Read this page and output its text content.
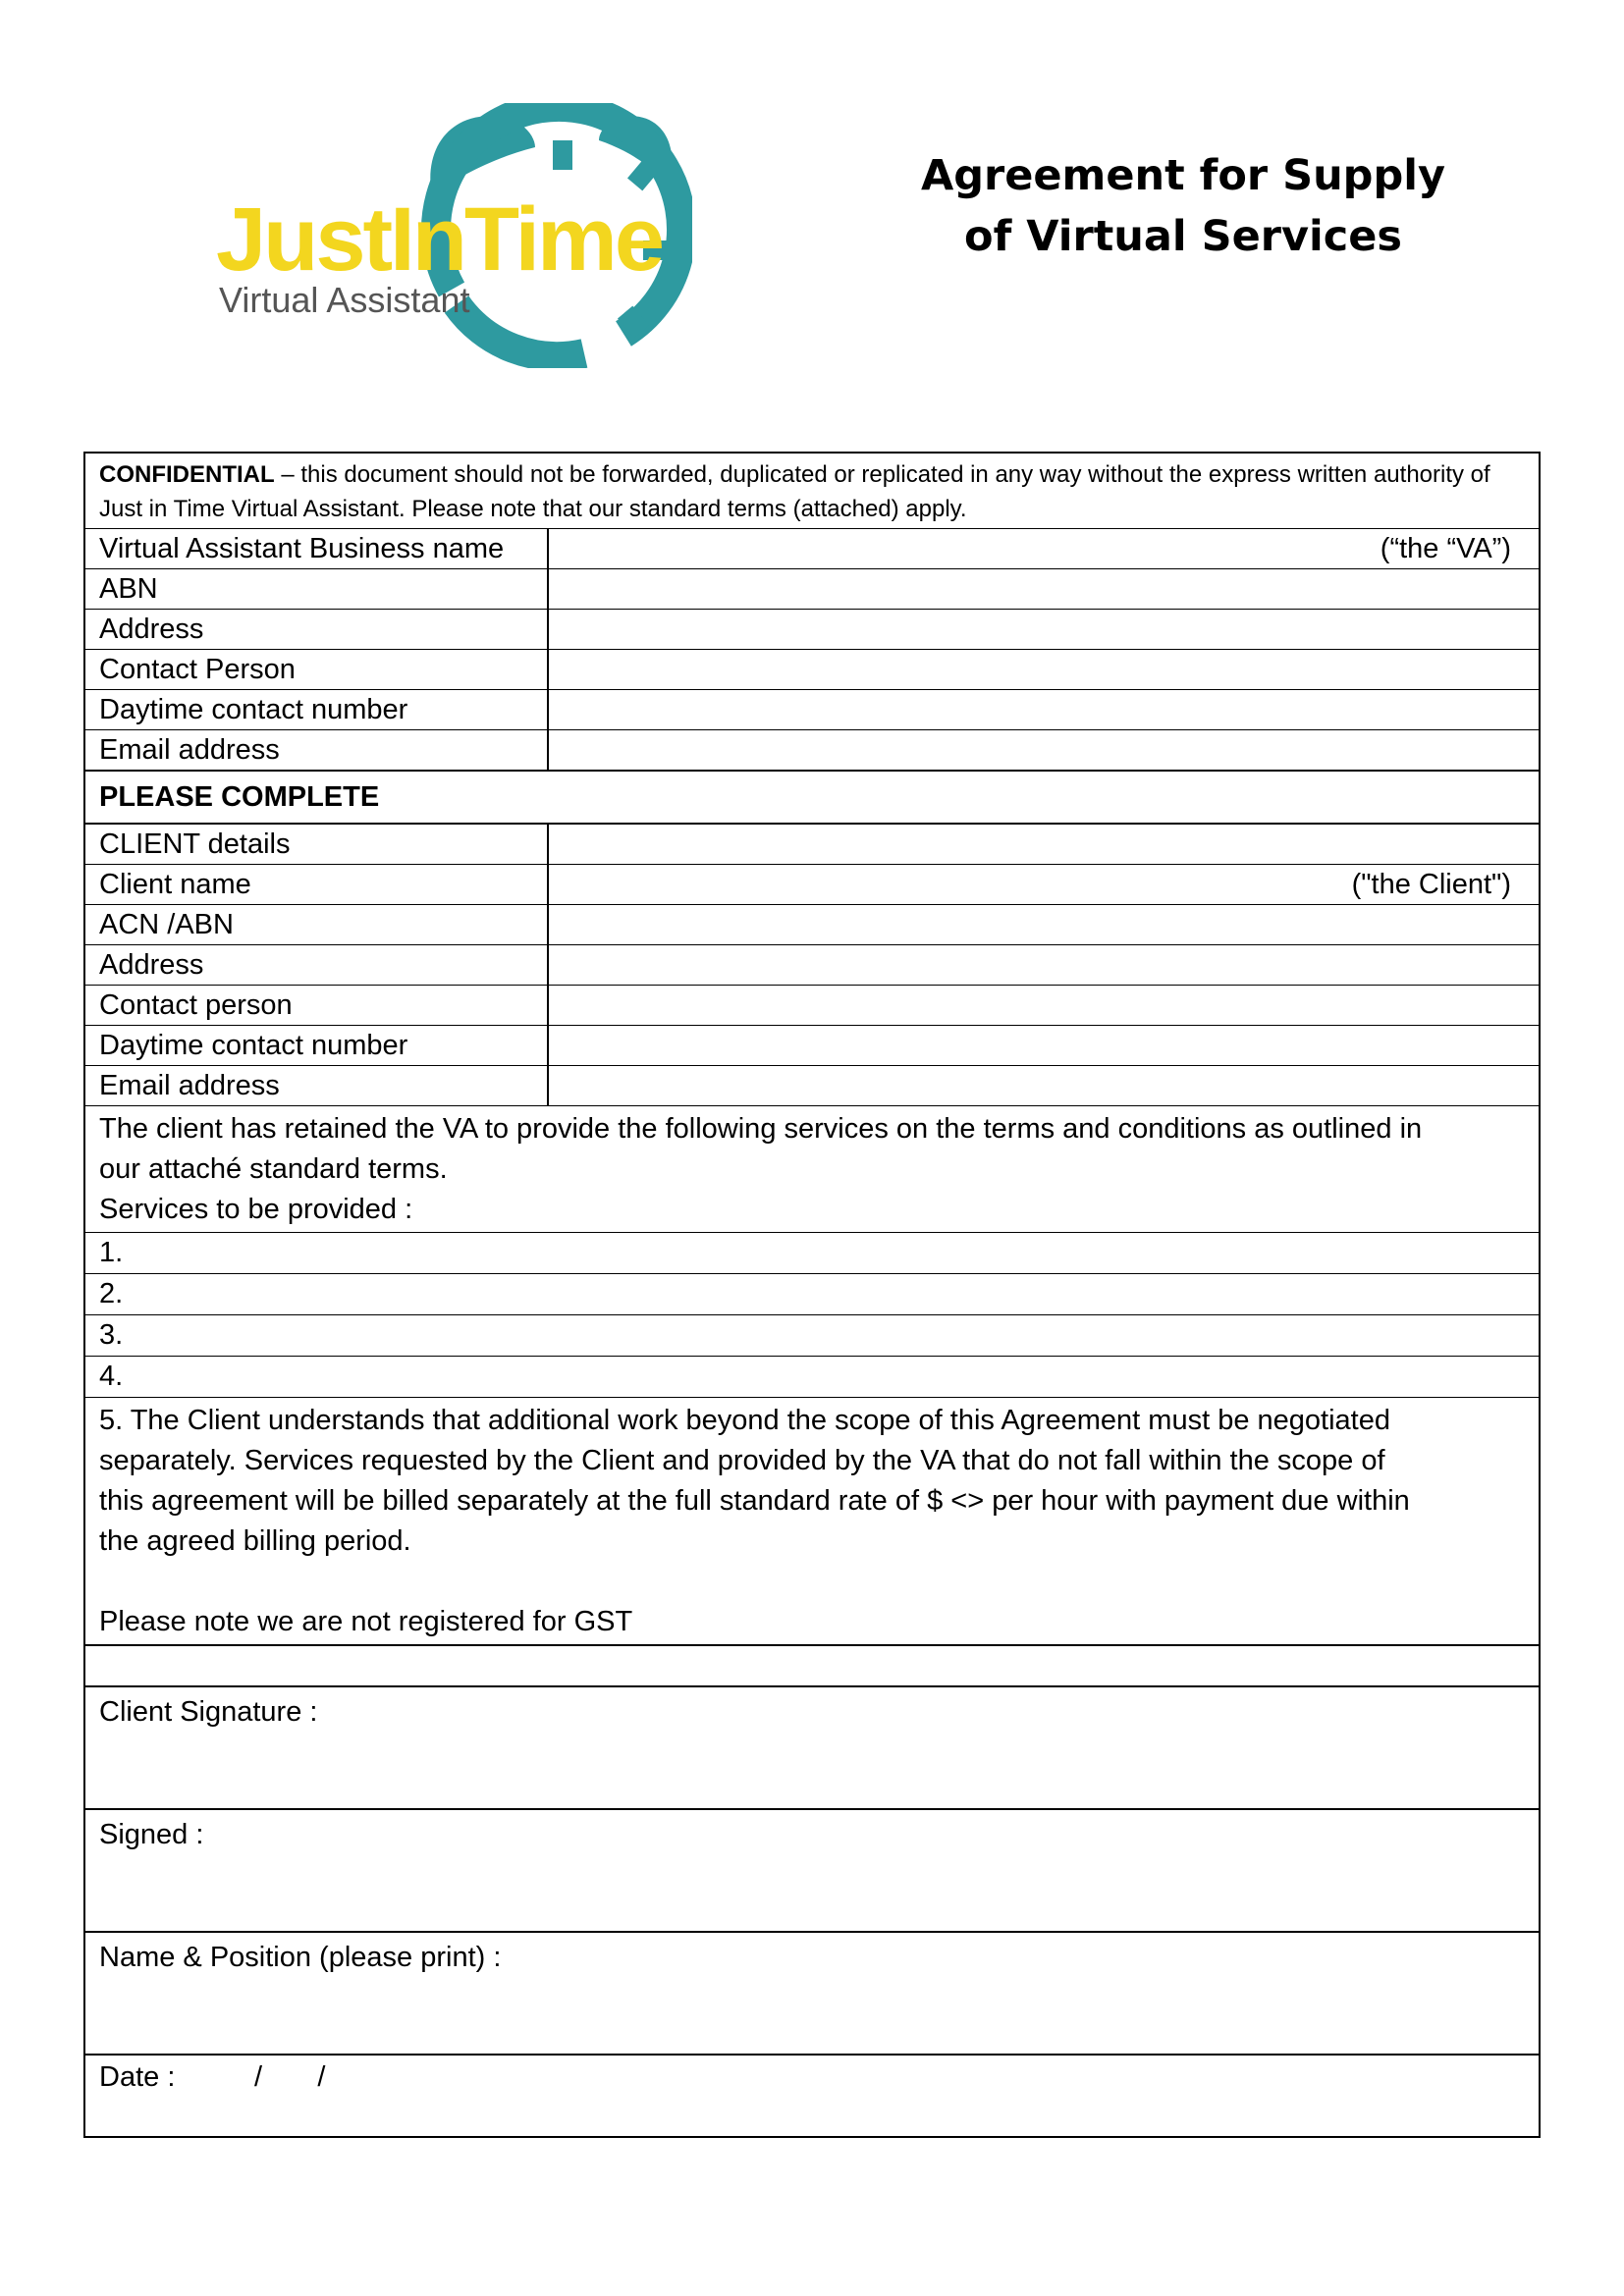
JustInTime
Virtual Assistant
Agreement for Supply
of Virtual Services
CONFIDENTIAL – this document should not be forwarded, duplicated or replicated in any way without the express written authority of Just in Time Virtual Assistant. Please note that our standard terms (attached) apply.
Virtual Assistant Business name	(“the “VA”)
ABN
Address
Contact Person
Daytime contact number
Email address
PLEASE COMPLETE
CLIENT details
Client name	("the Client")
ACN /ABN
Address
Contact person
Daytime contact number
Email address
The client has retained the VA to provide the following services on the terms and conditions as outlined in
our attaché standard terms.
Services to be provided :
1.
2.
3.
4.
5. The Client understands that additional work beyond the scope of this Agreement must be negotiated
separately. Services requested by the Client and provided by the VA that do not fall within the scope of
this agreement will be billed separately at the full standard rate of $ <> per hour with payment due within
the agreed billing period.
Please note we are not registered for GST
Client Signature :
Signed :
Name & Position (please print) :
Date :          /       /
